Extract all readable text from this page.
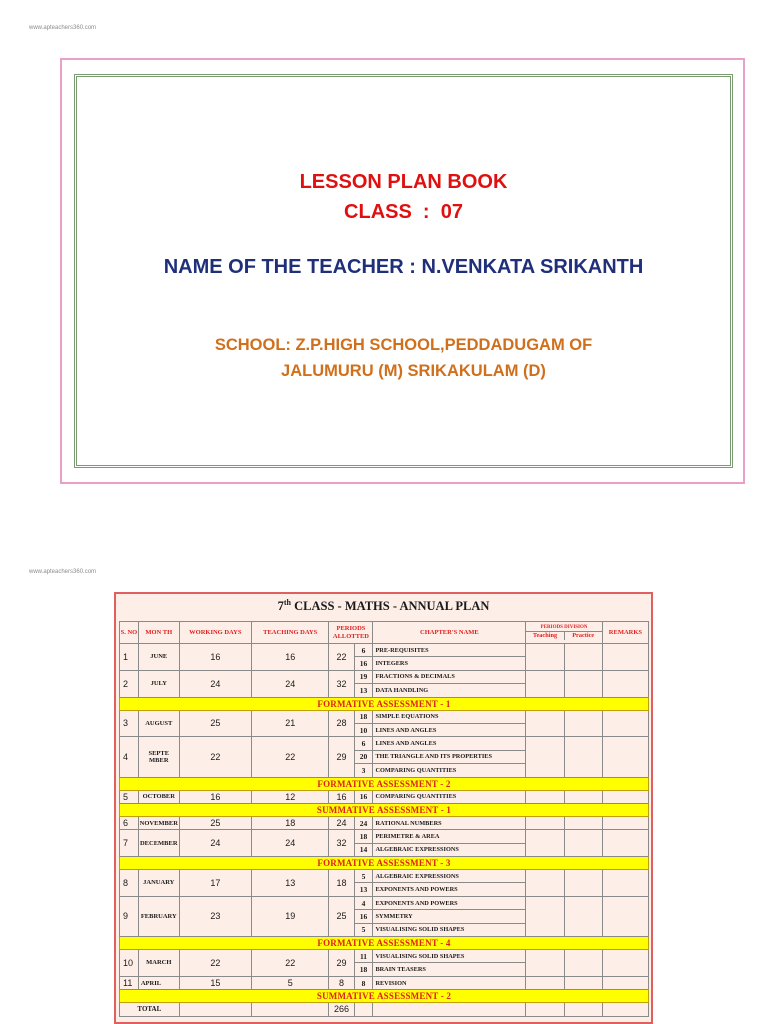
www.apteachers360.com
www.apteachers360.com
LESSON PLAN BOOK
CLASS  :  07
NAME OF THE TEACHER : N.VENKATA SRIKANTH
SCHOOL: Z.P.HIGH SCHOOL,PEDDADUGAM OF
JALUMURU (M) SRIKAKULAM (D)
7th CLASS - MATHS - ANNUAL PLAN
S. NO	MON TH	WORKING DAYS	TEACHING DAYS	PERIODS ALLOTTED		CHAPTER'S NAME	PERIODS DIVISION
Teaching Practice		REMARKS
1	JUNE	16	16	22	6	PRE-REQUISITES			
					16	INTEGERS			
2	JULY	24	24	32	19	FRACTIONS & DECIMALS			
					13	DATA HANDLING			
FORMATIVE ASSESSMENT - 1									
3	AUGUST	25	21	28	18	SIMPLE EQUATIONS			
					10	LINES AND ANGLES			
4	SEPTE MBER	22	22	29	6	LINES AND ANGLES			
					20	THE TRIANGLE AND ITS PROPERTIES			
					3	COMPARING QUANTITIES			
FORMATIVE ASSESSMENT - 2									
5	OCTOBER	16	12	16	16	COMPARING QUANTITIES			
SUMMATIVE ASSESSMENT - 1									
6	NOVEMBER	25	18	24	24	RATIONAL NUMBERS			
7	DECEMBER	24	24	32	18	PERIMETRE & AREA			
					14	ALGEBRAIC EXPRESSIONS			
FORMATIVE ASSESSMENT - 3									
8	JANUARY	17	13	18	5	ALGEBRAIC EXPRESSIONS			
					13	EXPONENTS AND POWERS			
9	FEBRUARY	23	19	25	4	EXPONENTS AND POWERS			
					16	SYMMETRY			
					5	VISUALISING SOLID SHAPES			
FORMATIVE ASSESSMENT - 4									
10	MARCH	22	22	29	11	VISUALISING SOLID SHAPES			
					18	BRAIN TEASERS			
11	APRIL	15	5	8	8	REVISION			
SUMMATIVE ASSESSMENT - 2									
TOTAL				266					
